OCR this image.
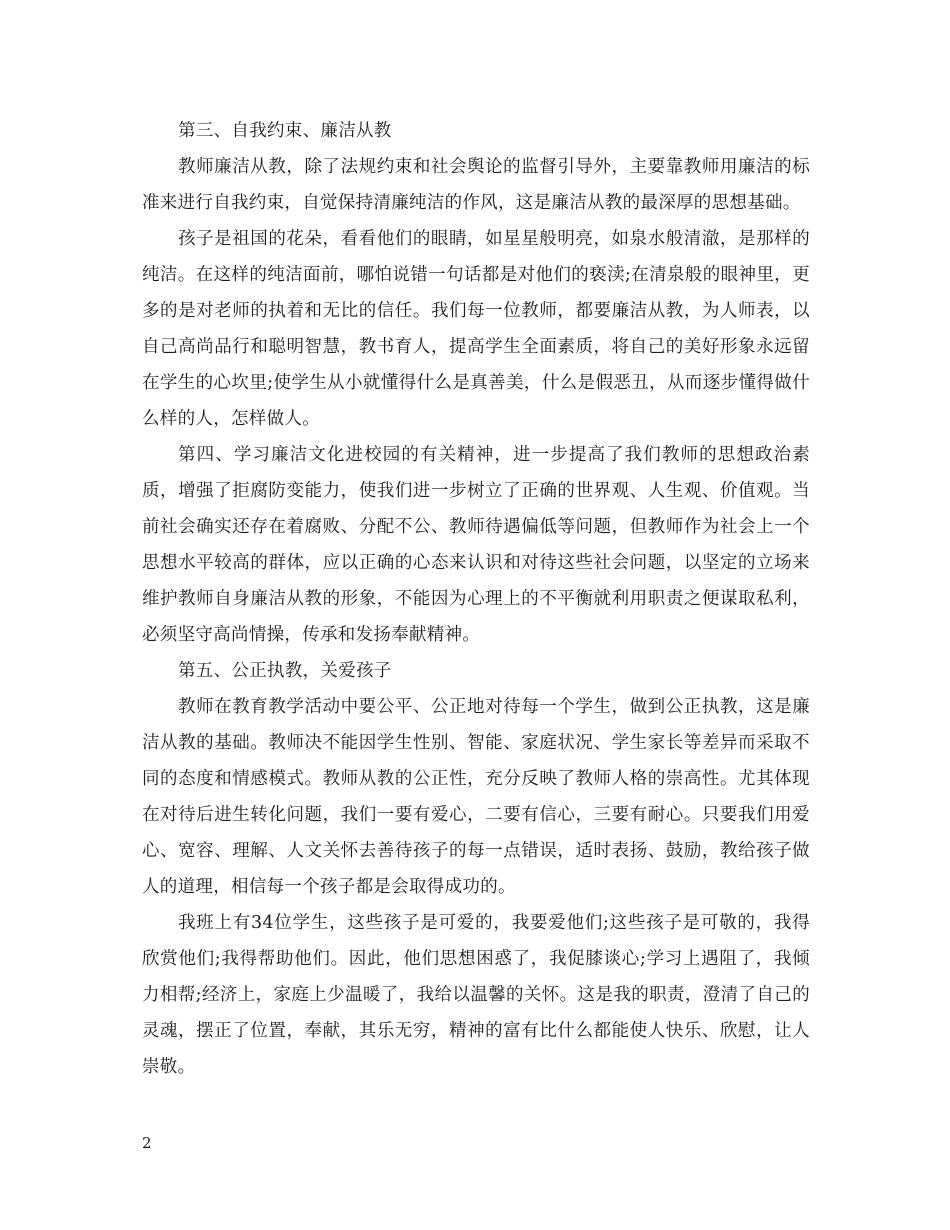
第三、自我约束、廉洁从教

教师廉洁从教，除了法规约束和社会舆论的监督引导外，主要靠教师用廉洁的标准来进行自我约束，自觉保持清廉纯洁的作风，这是廉洁从教的最深厚的思想基础。

孩子是祖国的花朵，看看他们的眼睛，如星星般明亮，如泉水般清澈，是那样的纯洁。在这样的纯洁面前，哪怕说错一句话都是对他们的亵渎;在清泉般的眼神里，更多的是对老师的执着和无比的信任。我们每一位教师，都要廉洁从教，为人师表，以自己高尚品行和聪明智慧，教书育人，提高学生全面素质，将自己的美好形象永远留在学生的心坎里;使学生从小就懂得什么是真善美，什么是假恶丑，从而逐步懂得做什么样的人，怎样做人。

第四、学习廉洁文化进校园的有关精神，进一步提高了我们教师的思想政治素质，增强了拒腐防变能力，使我们进一步树立了正确的世界观、人生观、价值观。当前社会确实还存在着腐败、分配不公、教师待遇偏低等问题，但教师作为社会上一个思想水平较高的群体，应以正确的心态来认识和对待这些社会问题，以坚定的立场来维护教师自身廉洁从教的形象，不能因为心理上的不平衡就利用职责之便谋取私利，必须坚守高尚情操，传承和发扬奉献精神。

第五、公正执教，关爱孩子

教师在教育教学活动中要公平、公正地对待每一个学生，做到公正执教，这是廉洁从教的基础。教师决不能因学生性别、智能、家庭状况、学生家长等差异而采取不同的态度和情感模式。教师从教的公正性，充分反映了教师人格的崇高性。尤其体现在对待后进生转化问题，我们一要有爱心，二要有信心，三要有耐心。只要我们用爱心、宽容、理解、人文关怀去善待孩子的每一点错误，适时表扬、鼓励，教给孩子做人的道理，相信每一个孩子都是会取得成功的。

我班上有34位学生，这些孩子是可爱的，我要爱他们;这些孩子是可敬的，我得欣赏他们;我得帮助他们。因此，他们思想困惑了，我促膝谈心;学习上遇阻了，我倾力相帮;经济上，家庭上少温暖了，我给以温馨的关怀。这是我的职责，澄清了自己的灵魂，摆正了位置，奉献，其乐无穷，精神的富有比什么都能使人快乐、欣慰，让人崇敬。

2
